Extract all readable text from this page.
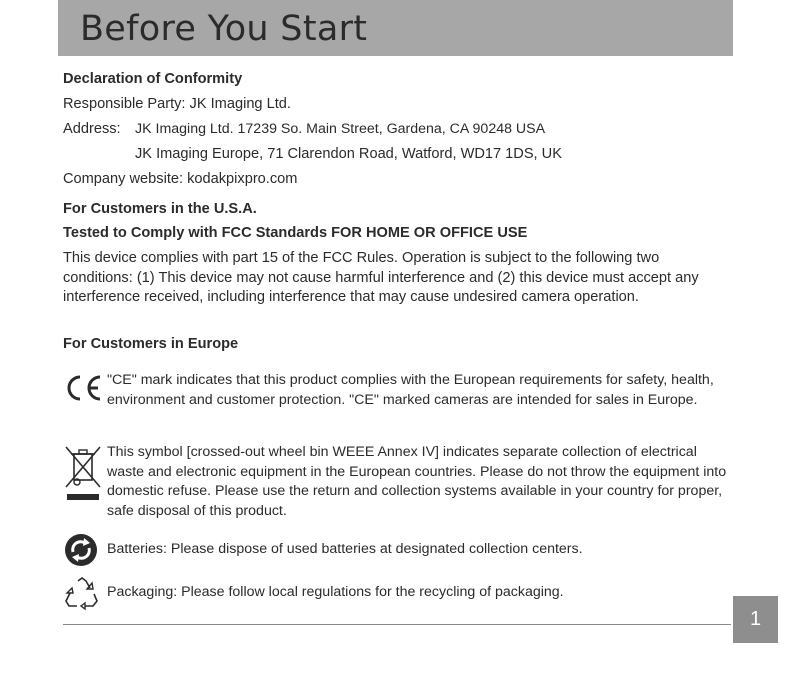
Before You Start
Declaration of Conformity
Responsible Party: JK Imaging Ltd.
Address: JK Imaging Ltd. 17239 So. Main Street, Gardena, CA 90248 USA
JK Imaging Europe, 71 Clarendon Road, Watford, WD17 1DS, UK
Company website: kodakpixpro.com
For Customers in the U.S.A.
Tested to Comply with FCC Standards FOR HOME OR OFFICE USE
This device complies with part 15 of the FCC Rules. Operation is subject to the following two conditions: (1) This device may not cause harmful interference and (2) this device must accept any interference received, including interference that may cause undesired camera operation.
For Customers in Europe
"CE" mark indicates that this product complies with the European requirements for safety, health, environment and customer protection. "CE" marked cameras are intended for sales in Europe.
This symbol [crossed-out wheel bin WEEE Annex IV] indicates separate collection of electrical waste and electronic equipment in the European countries. Please do not throw the equipment into domestic refuse. Please use the return and collection systems available in your country for proper, safe disposal of this product.
Batteries: Please dispose of used batteries at designated collection centers.
Packaging: Please follow local regulations for the recycling of packaging.
1
